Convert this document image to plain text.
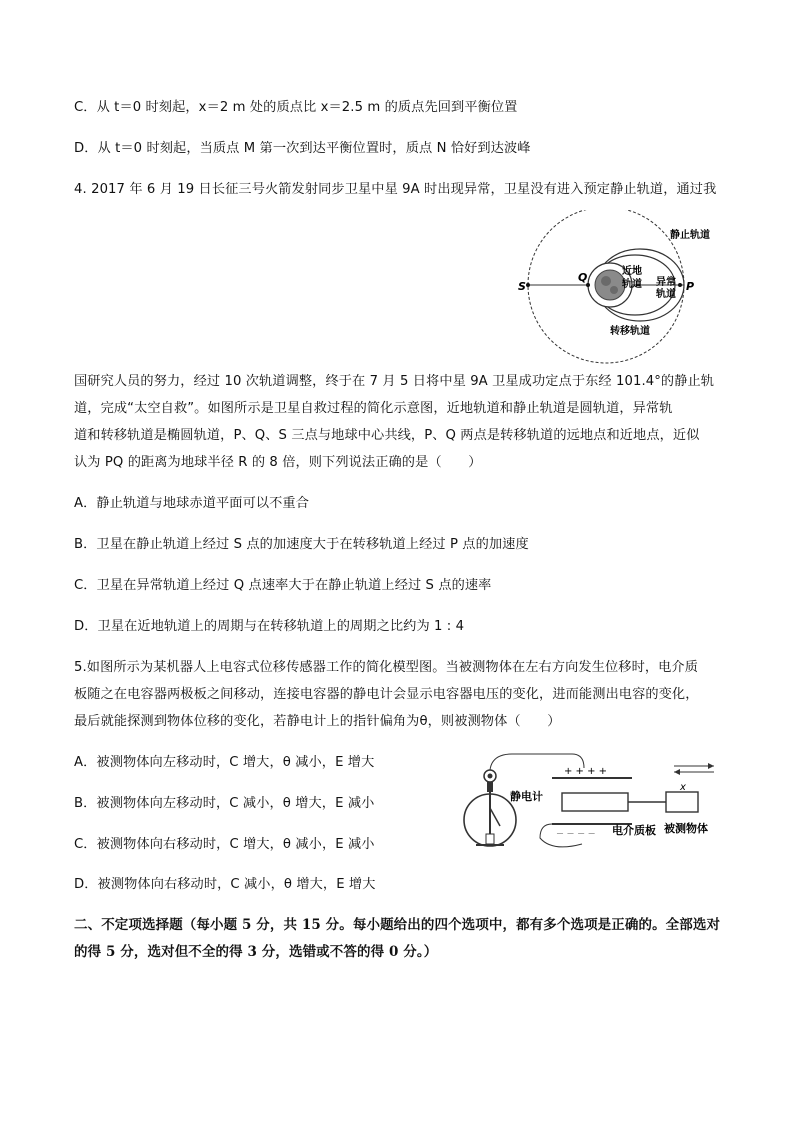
C．从 t＝0 时刻起，x＝2 m 处的质点比 x＝2.5 m 的质点先回到平衡位置
D．从 t＝0 时刻起，当质点 M 第一次到达平衡位置时，质点 N 恰好到达波峰
4. 2017 年 6 月 19 日长征三号火箭发射同步卫星中星 9A 时出现异常，卫星没有进入预定静止轨道，通过我
静止轨道
近地
轨道 异常
轨道
转移轨道
S
Q
P
国研究人员的努力，经过 10 次轨道调整，终于在 7 月 5 日将中星 9A 卫星成功定点于东经 101.4°的静止轨
道，完成“太空自救”。如图所示是卫星自救过程的简化示意图，近地轨道和静止轨道是圆轨道，异常轨
道和转移轨道是椭圆轨道，P、Q、S 三点与地球中心共线，P、Q 两点是转移轨道的远地点和近地点，近似
认为 PQ 的距离为地球半径 R 的 8 倍，则下列说法正确的是（　　）
A．静止轨道与地球赤道平面可以不重合
B．卫星在静止轨道上经过 S 点的加速度大于在转移轨道上经过 P 点的加速度
C．卫星在异常轨道上经过 Q 点速率大于在静止轨道上经过 S 点的速率
D．卫星在近地轨道上的周期与在转移轨道上的周期之比约为 1 : 4
5.如图所示为某机器人上电容式位移传感器工作的简化模型图。当被测物体在左右方向发生位移时，电介质
板随之在电容器两极板之间移动，连接电容器的静电计会显示电容器电压的变化，进而能测出电容的变化，
最后就能探测到物体位移的变化，若静电计上的指针偏角为θ，则被测物体（　　）
A．被测物体向左移动时，C 增大，θ 减小，E 增大
B．被测物体向左移动时，C 减小，θ 增大，E 减小
C．被测物体向右移动时，C 增大，θ 减小，E 减小
D．被测物体向右移动时，C 减小，θ 增大，E 增大
+ + + +
－ － － －
x
静电计
电介质板 被测物体
二、不定项选择题（每小题 5 分，共 15 分。每小题给出的四个选项中，都有多个选项是正确的。全部选对
的得 5 分，选对但不全的得 3 分，选错或不答的得 0 分。）
